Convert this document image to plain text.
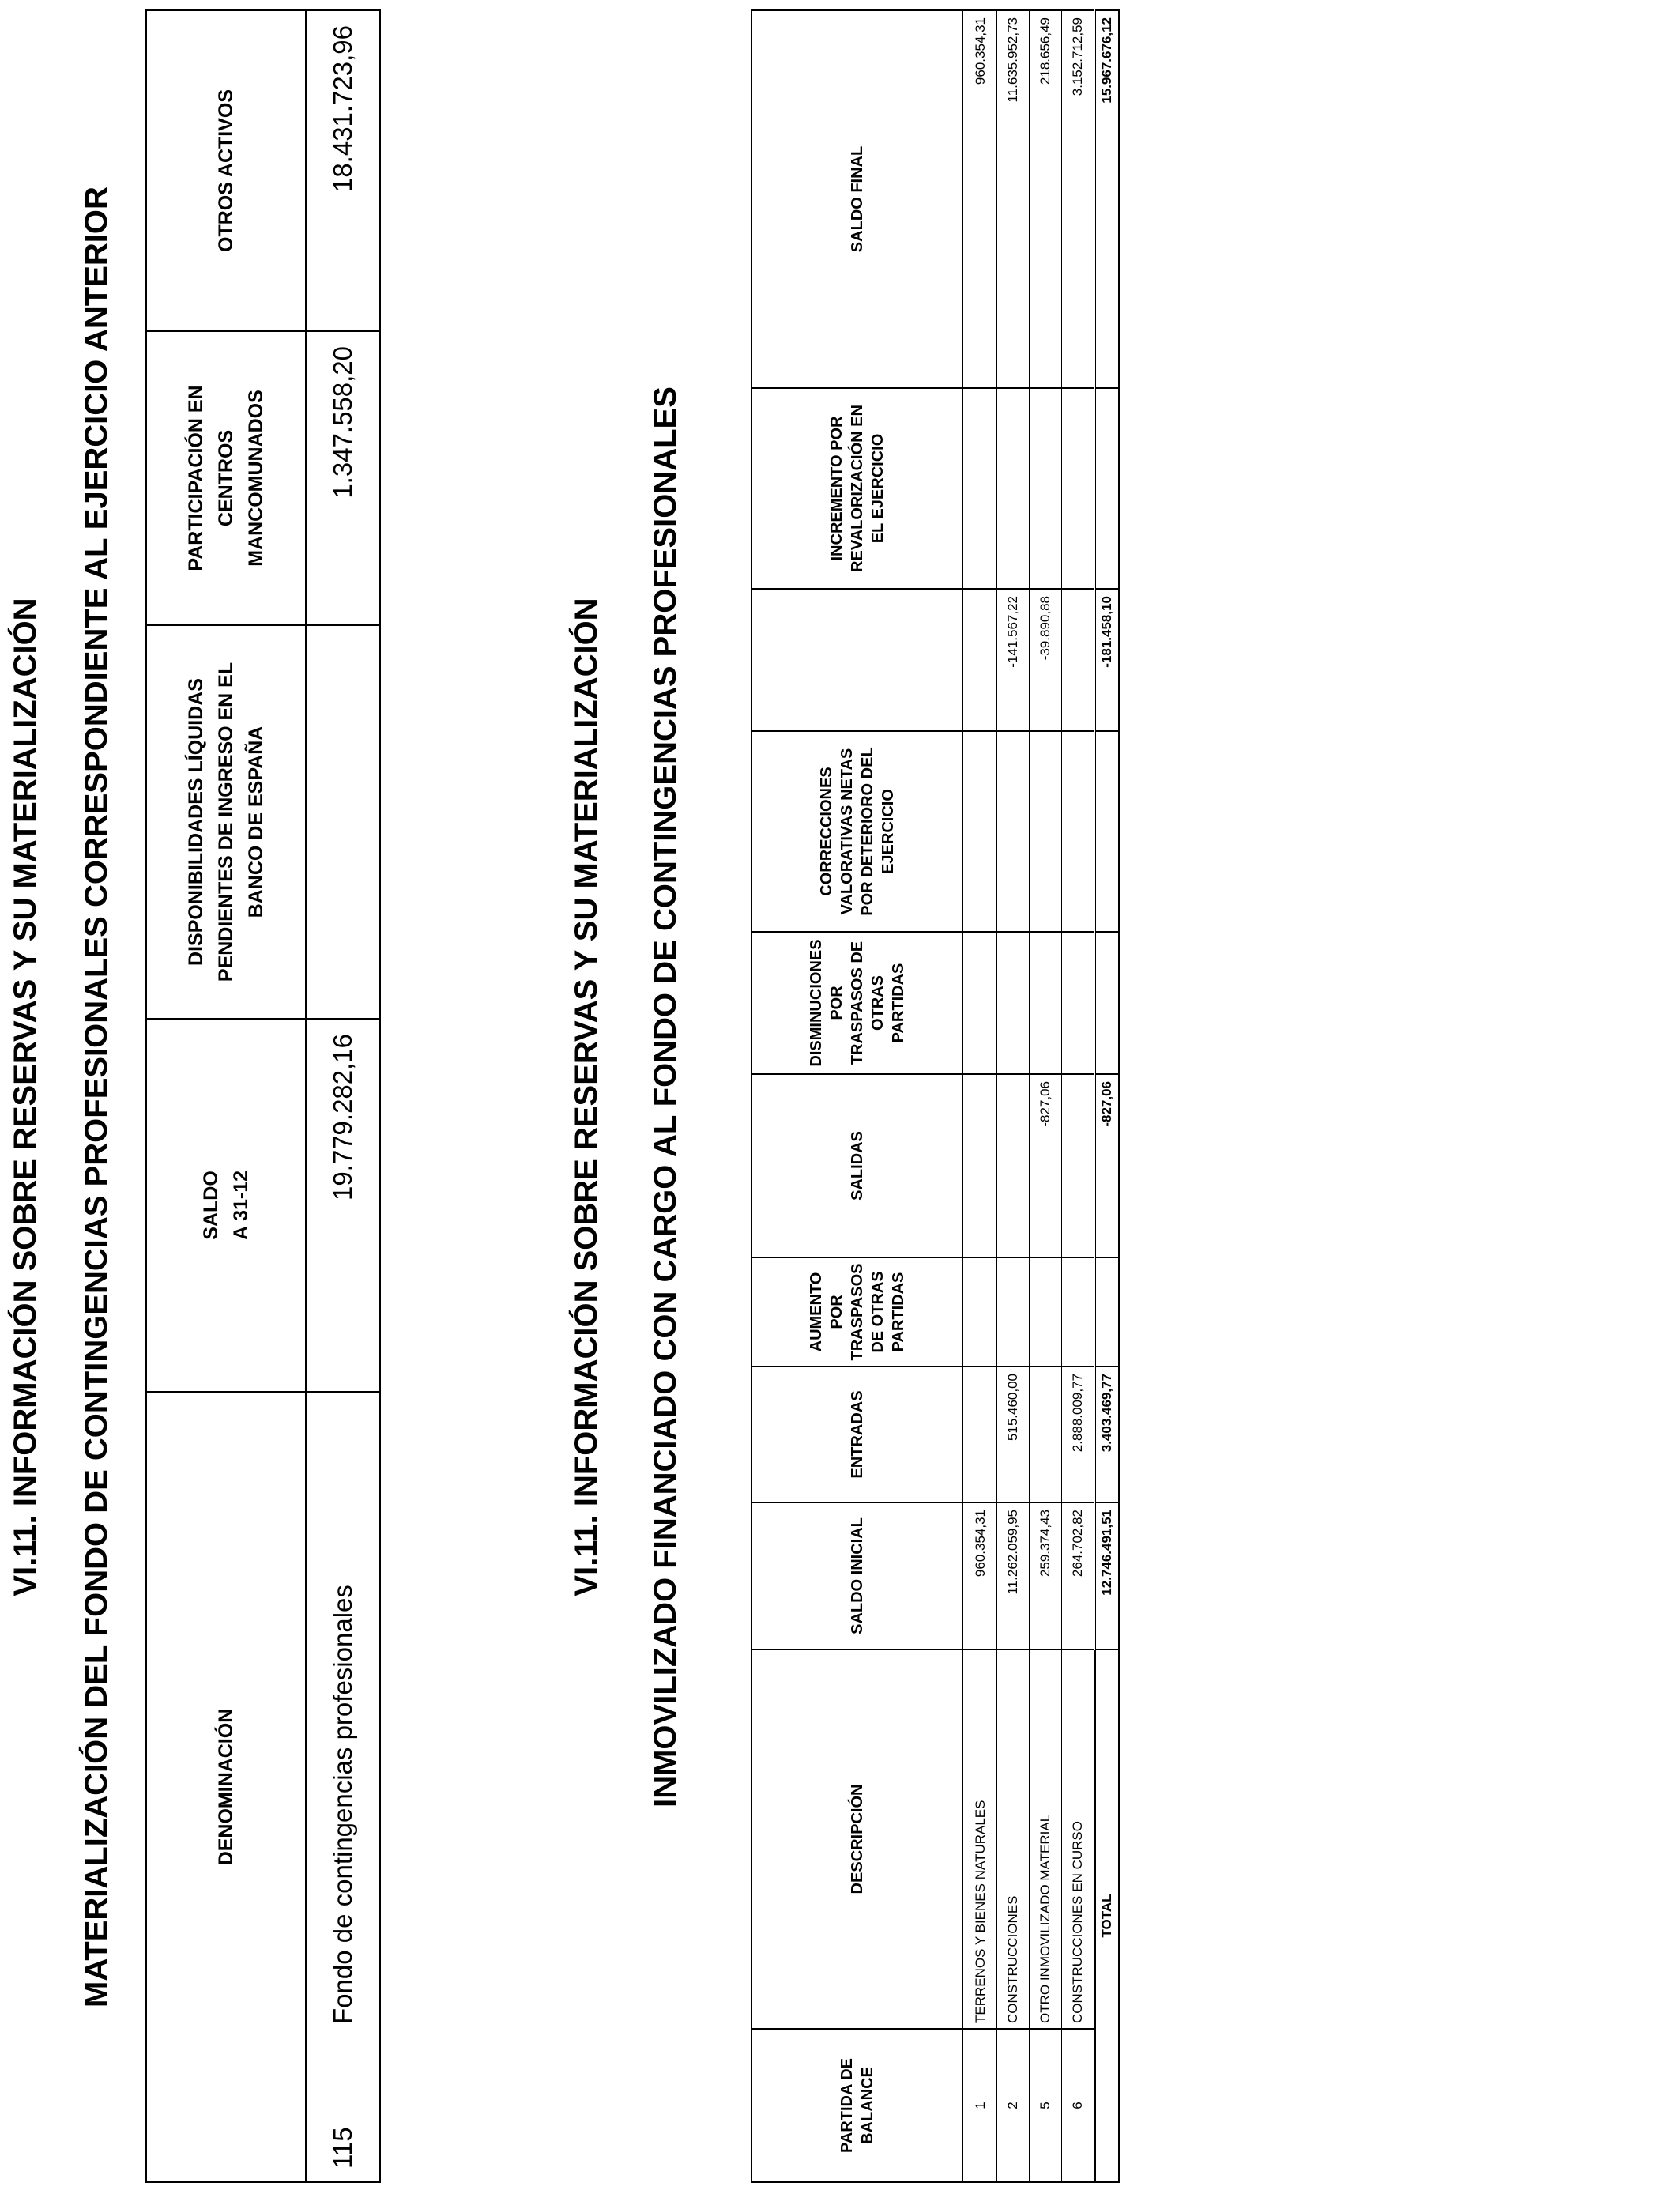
VI.11. INFORMACIÓN SOBRE RESERVAS Y SU MATERIALIZACIÓN MATERIALIZACIÓN DEL FONDO DE CONTINGENCIAS PROFESIONALES CORRESPONDIENTE AL EJERCICIO ANTERIOR	DENOMINACIÓN		SALDO A 31-12	DISPONIBILIDADES LÍQUIDAS PENDIENTES DE INGRESO EN EL BANCO DE ESPAÑA	PARTICIPACIÓN EN CENTROS MANCOMUNADOS	OTROS ACTIVOS
115	Fondo de contingencias profesionales	19.779.282,16		1.347.558,20	18.431.723,96
VI.11. INFORMACIÓN SOBRE RESERVAS Y SU MATERIALIZACIÓN INMOVILIZADO FINANCIADO CON CARGO AL FONDO DE CONTINGENCIAS PROFESIONALES
PARTIDA DE BALANCE	DESCRIPCIÓN	SALDO INICIAL	ENTRADAS	AUMENTO POR TRASPASOS DE OTRAS PARTIDAS	SALIDAS	DISMINUCIONES POR TRASPASOS DE OTRAS PARTIDAS	CORRECCIONES VALORATIVAS NETAS POR DETERIORO DEL EJERCICIO		INCREMENTO POR REVALORIZACIÓN EN EL EJERCICIO	SALDO FINAL
1	TERRENOS Y BIENES NATURALES	960.354,31								960.354,31
2	CONSTRUCCIONES	11.262.059,95	515.460,00					-141.567,22		11.635.952,73
5	OTRO INMOVILIZADO MATERIAL	259.374,43			-827,06			-39.890,88		218.656,49
6	CONSTRUCCIONES EN CURSO	264.702,82	2.888.009,77							3.152.712,59
TOTAL		12.746.491,51	3.403.469,77		-827,06			-181.458,10		15.967.676,12
